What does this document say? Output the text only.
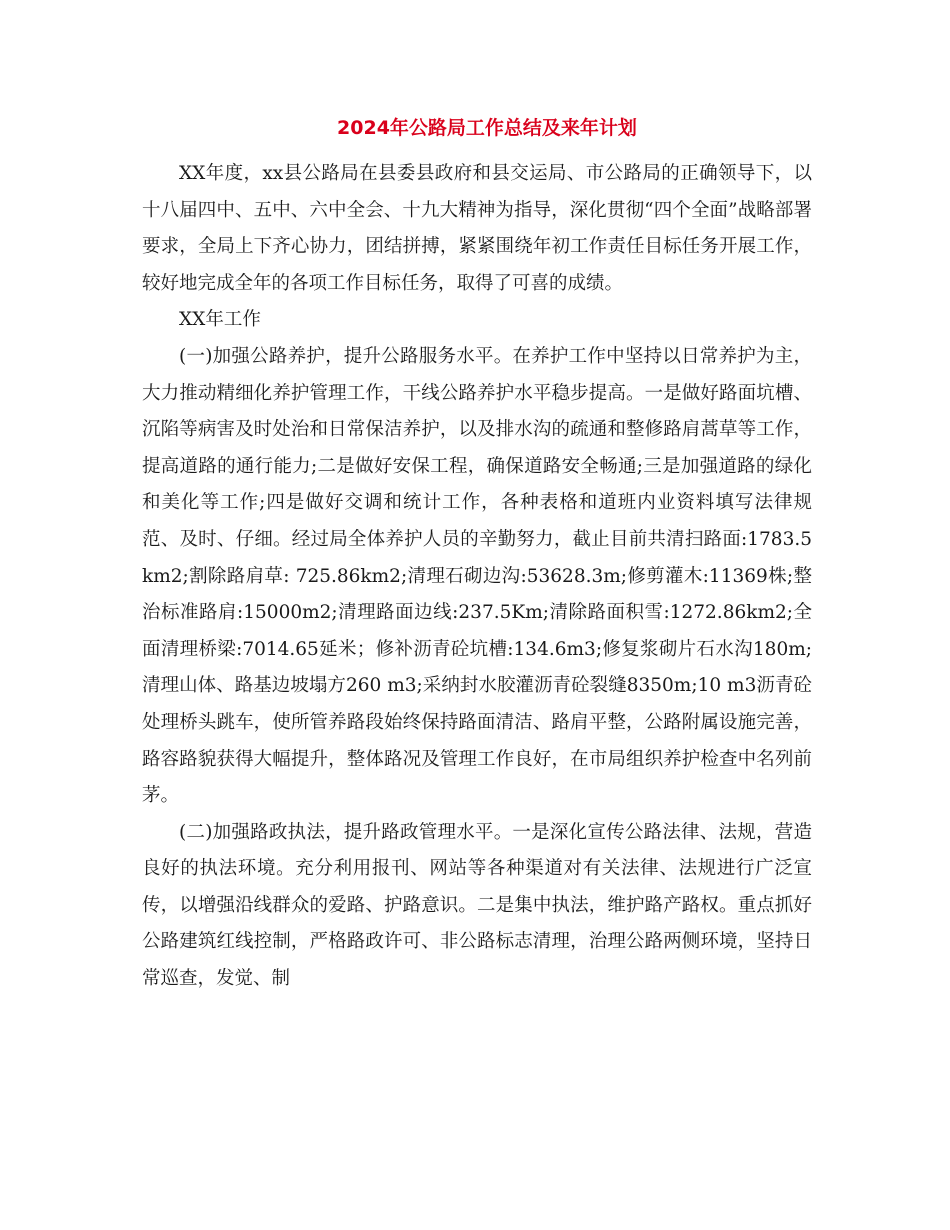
2024年公路局工作总结及来年计划

XX年度，xx县公路局在县委县政府和县交运局、市公路局的正确领导下，以十八届四中、五中、六中全会、十九大精神为指导，深化贯彻“四个全面”战略部署要求，全局上下齐心协力，团结拼搏，紧紧围绕年初工作责任目标任务开展工作，较好地完成全年的各项工作目标任务，取得了可喜的成绩。

XX年工作

(一)加强公路养护，提升公路服务水平。在养护工作中坚持以日常养护为主，大力推动精细化养护管理工作，干线公路养护水平稳步提高。一是做好路面坑槽、沉陷等病害及时处治和日常保洁养护，以及排水沟的疏通和整修路肩蒿草等工作，提高道路的通行能力;二是做好安保工程，确保道路安全畅通;三是加强道路的绿化和美化等工作;四是做好交调和统计工作，各种表格和道班内业资料填写法律规范、及时、仔细。经过局全体养护人员的辛勤努力，截止目前共清扫路面:1783.5km2;割除路肩草: 725.86km2;清理石砌边沟:53628.3m;修剪灌木:11369株;整治标准路肩:15000m2;清理路面边线:237.5Km;清除路面积雪:1272.86km2;全面清理桥梁:7014.65延米；修补沥青砼坑槽:134.6m3;修复浆砌片石水沟180m;清理山体、路基边坡塌方260 m3;采纳封水胶灌沥青砼裂缝8350m;10 m3沥青砼处理桥头跳车，使所管养路段始终保持路面清洁、路肩平整，公路附属设施完善，路容路貌获得大幅提升，整体路况及管理工作良好，在市局组织养护检查中名列前茅。

(二)加强路政执法，提升路政管理水平。一是深化宣传公路法律、法规，营造良好的执法环境。充分利用报刊、网站等各种渠道对有关法律、法规进行广泛宣传，以增强沿线群众的爱路、护路意识。二是集中执法，维护路产路权。重点抓好公路建筑红线控制，严格路政许可、非公路标志清理，治理公路两侧环境，坚持日常巡查，发觉、制
